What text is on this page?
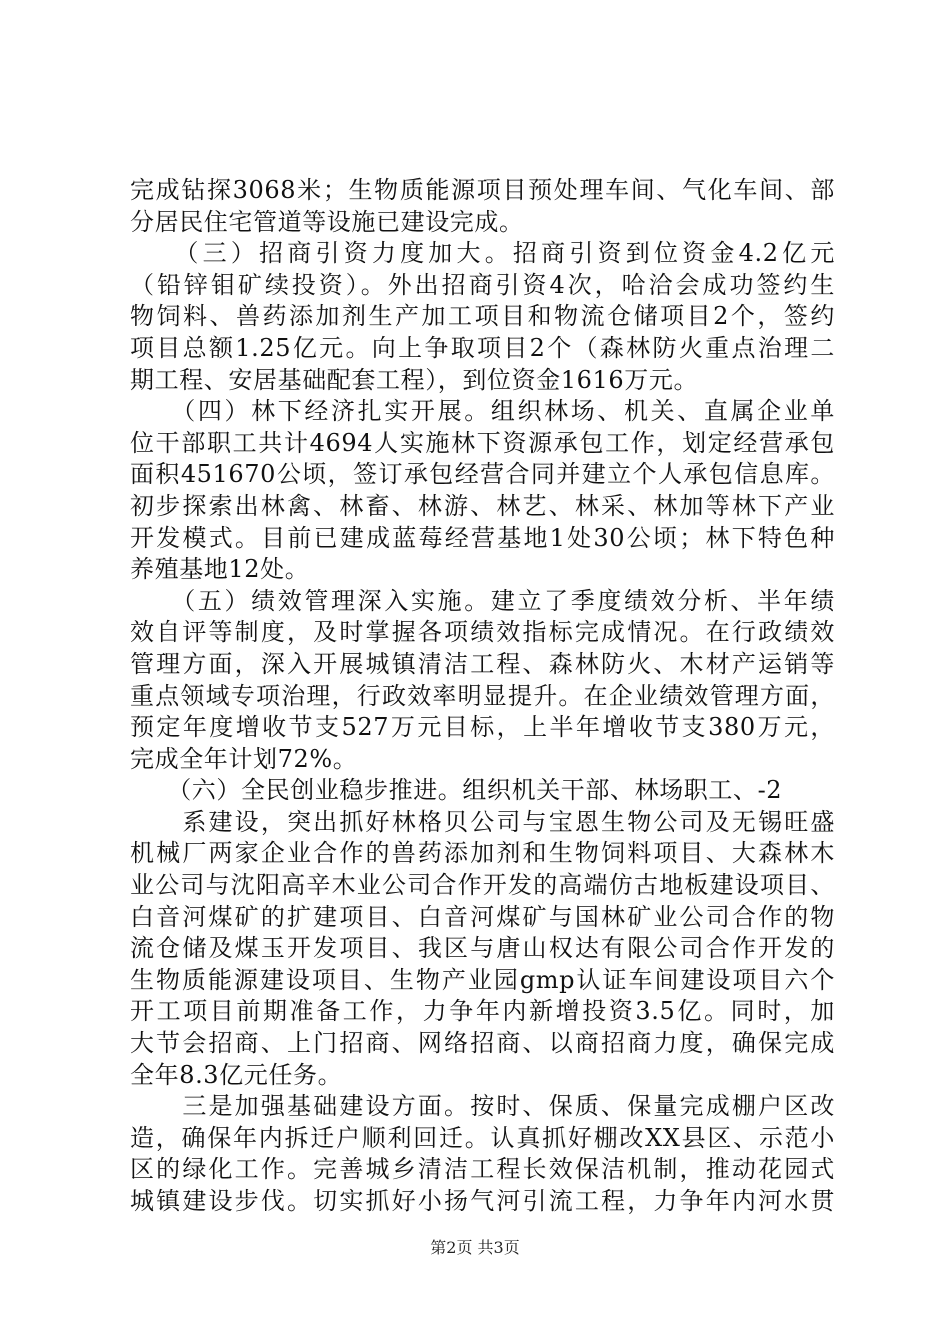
完成钻探3068米；生物质能源项目预处理车间、气化车间、部
分居民住宅管道等设施已建设完成。
　　（三）招商引资力度加大。招商引资到位资金4.2亿元
（铅锌钼矿续投资）。外出招商引资4次，哈洽会成功签约生
物饲料、兽药添加剂生产加工项目和物流仓储项目2个，签约
项目总额1.25亿元。向上争取项目2个（森林防火重点治理二
期工程、安居基础配套工程），到位资金1616万元。
　　（四）林下经济扎实开展。组织林场、机关、直属企业单
位干部职工共计4694人实施林下资源承包工作，划定经营承包
面积451670公顷，签订承包经营合同并建立个人承包信息库。
初步探索出林禽、林畜、林游、林艺、林采、林加等林下产业
开发模式。目前已建成蓝莓经营基地1处30公顷；林下特色种
养殖基地12处。
　　（五）绩效管理深入实施。建立了季度绩效分析、半年绩
效自评等制度，及时掌握各项绩效指标完成情况。在行政绩效
管理方面，深入开展城镇清洁工程、森林防火、木材产运销等
重点领域专项治理，行政效率明显提升。在企业绩效管理方面，
预定年度增收节支527万元目标，上半年增收节支380万元，
完成全年计划72%。
　　（六）全民创业稳步推进。组织机关干部、林场职工、-2
　　系建设，突出抓好林格贝公司与宝恩生物公司及无锡旺盛
机械厂两家企业合作的兽药添加剂和生物饲料项目、大森林木
业公司与沈阳高辛木业公司合作开发的高端仿古地板建设项目、
白音河煤矿的扩建项目、白音河煤矿与国林矿业公司合作的物
流仓储及煤玉开发项目、我区与唐山权达有限公司合作开发的
生物质能源建设项目、生物产业园gmp认证车间建设项目六个
开工项目前期准备工作，力争年内新增投资3.5亿。同时，加
大节会招商、上门招商、网络招商、以商招商力度，确保完成
全年8.3亿元任务。
　　三是加强基础建设方面。按时、保质、保量完成棚户区改
造，确保年内拆迁户顺利回迁。认真抓好棚改XX县区、示范小
区的绿化工作。完善城乡清洁工程长效保洁机制，推动花园式
城镇建设步伐。切实抓好小扬气河引流工程，力争年内河水贯
第2页 共3页
